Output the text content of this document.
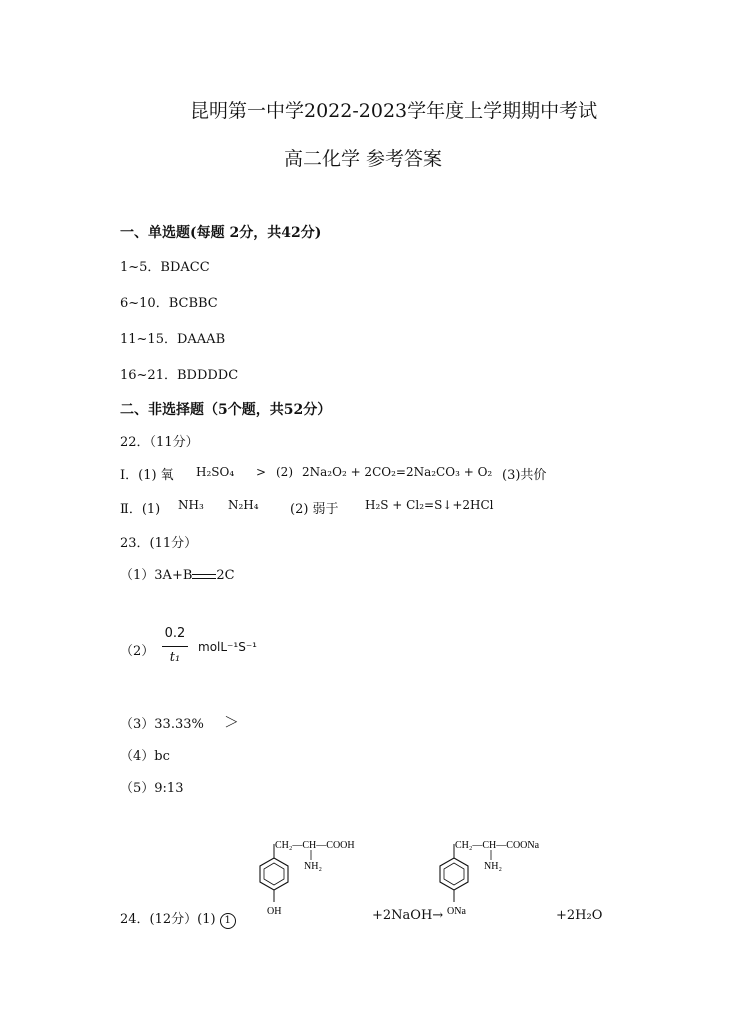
昆明第一中学2022-2023学年度上学期期中考试
高二化学 参考答案
一、单选题(每题 2分，共42分)
1~5．BDACC
6~10．BCBBC
11~15．DAAAB
16~21．BDDDDC
二、非选择题（5个题，共52分）
22．（11分）
Ⅰ．(1) 氧 H₂SO₄ > (2) 2Na₂O₂ + 2CO₂=2Na₂CO₃ + O₂ (3)共价
Ⅱ．(1) NH₃ N₂H₄ (2) 弱于 H₂S + Cl₂=S↓+2HCl
23．(11分）
（1）3A+B 2C
（2）
0.2
t₁
molL⁻¹S⁻¹
（3）33.33% ＞
（4）bc
（5）9:13
CH₂—CH—COOH
NH₂
OH
CH₂—CH—COONa
NH₂
ONa
24．(12分）(1) 1	+2NaOH→	+2H₂O
